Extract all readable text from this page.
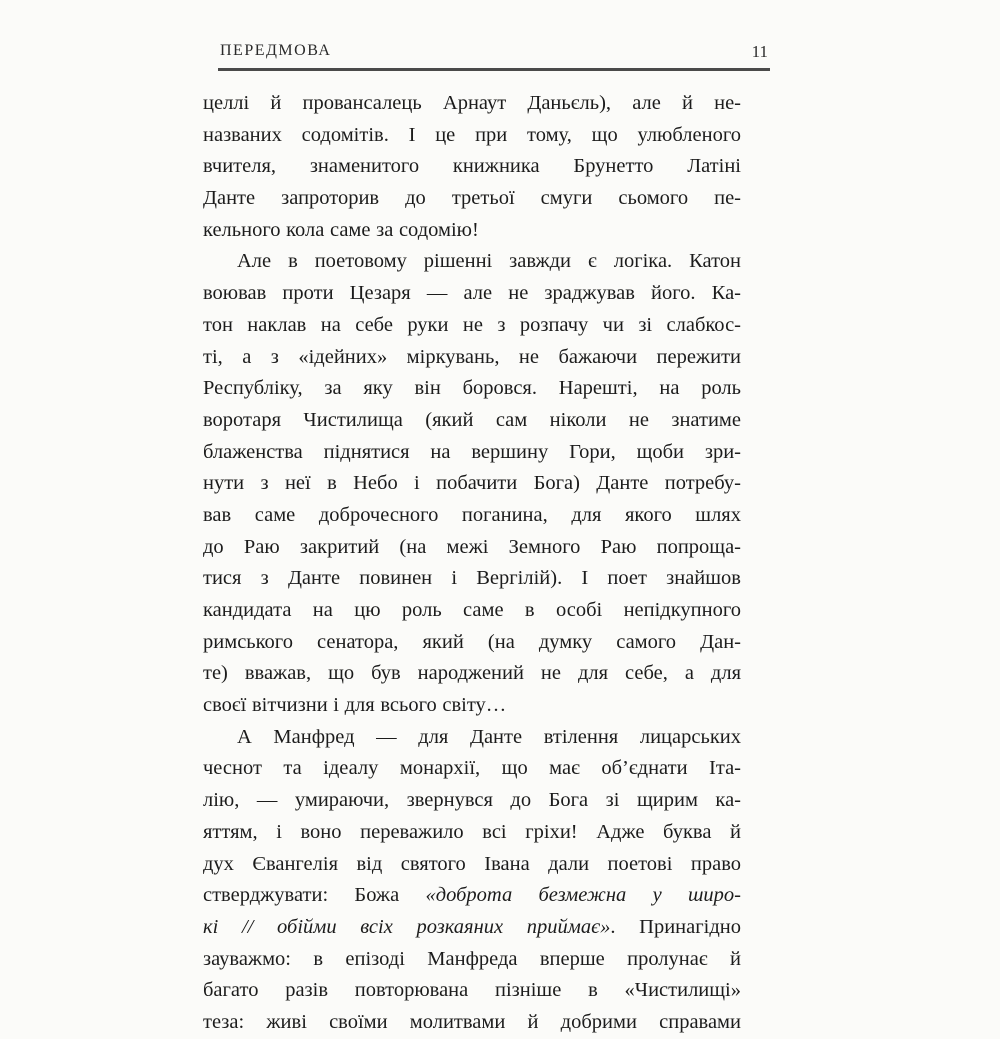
ПЕРЕДМОВА	11
целлі й провансалець Арнаут Даньєль), але й не-
названих содомітів. І це при тому, що улюбленого
вчителя, знаменитого книжника Брунетто Латіні
Данте запроторив до третьої смуги сьомого пе-
кельного кола саме за содомію!
Але в поетовому рішенні завжди є логіка. Катон
воював проти Цезаря — але не зраджував його. Ка-
тон наклав на себе руки не з розпачу чи зі слабкос-
ті, а з «ідейних» міркувань, не бажаючи пережити
Республіку, за яку він боровся. Нарешті, на роль
воротаря Чистилища (який сам ніколи не знатиме
блаженства піднятися на вершину Гори, щоби зри-
нути з неї в Небо і побачити Бога) Данте потребу-
вав саме доброчесного поганина, для якого шлях
до Раю закритий (на межі Земного Раю попроща-
тися з Данте повинен і Вергілій). І поет знайшов
кандидата на цю роль саме в особі непідкупного
римського сенатора, який (на думку самого Дан-
те) вважав, що був народжений не для себе, а для
своєї вітчизни і для всього світу…
А Манфред — для Данте втілення лицарських
чеснот та ідеалу монархії, що має об’єднати Іта-
лію, — умираючи, звернувся до Бога зі щирим ка-
яттям, і воно переважило всі гріхи! Адже буква й
дух Євангелія від святого Івана дали поетові право
стверджувати: Божа «доброта безмежна у широ-
кі // обійми всіх розкаяних приймає». Принагідно
зауважмо: в епізоді Манфреда вперше пролунає й
багато разів повторювана пізніше в «Чистилищі»
теза: живі своїми молитвами й добрими справами
